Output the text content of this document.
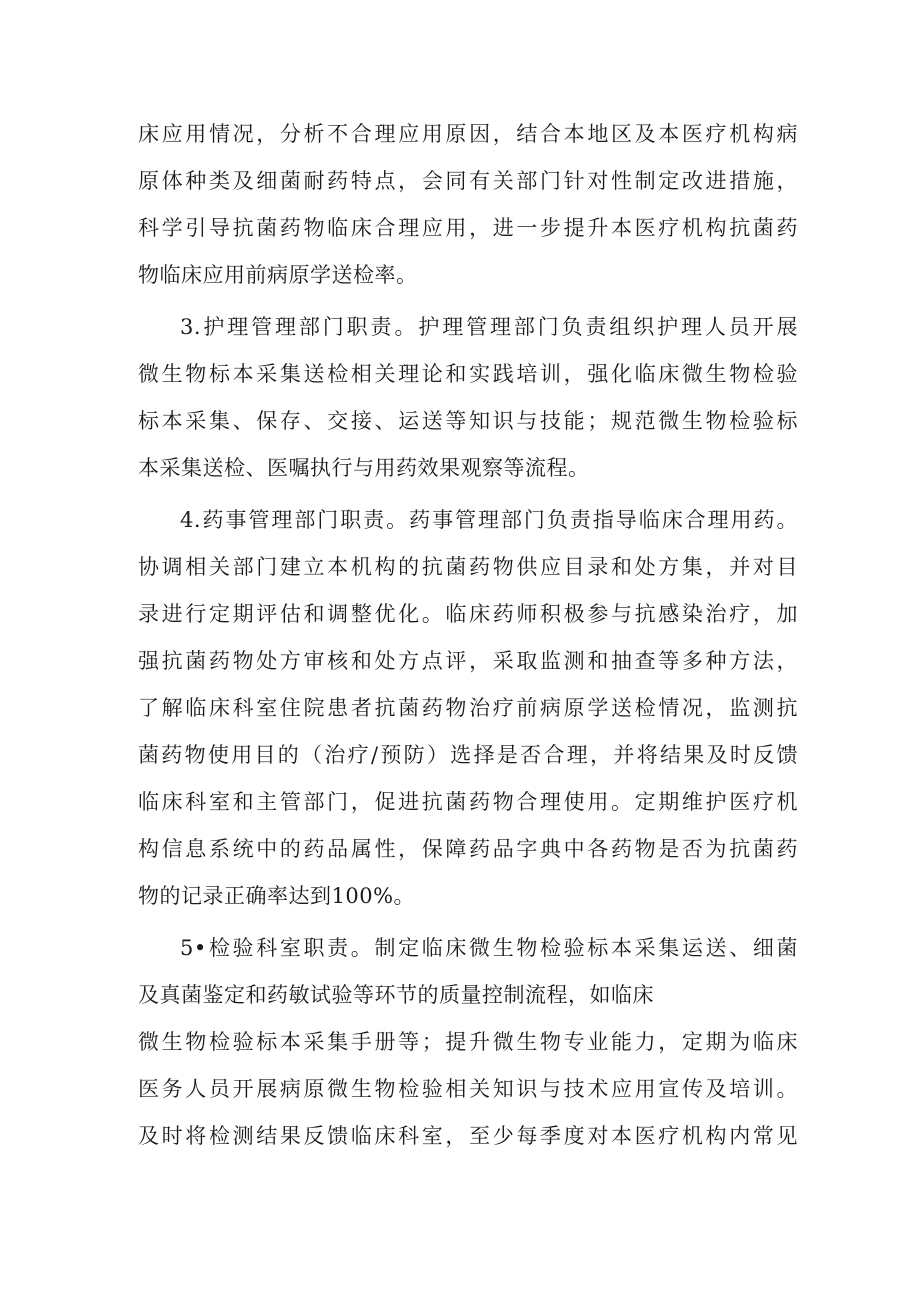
床应用情况，分析不合理应用原因，结合本地区及本医疗机构病
原体种类及细菌耐药特点，会同有关部门针对性制定改进措施，
科学引导抗菌药物临床合理应用，进一步提升本医疗机构抗菌药
物临床应用前病原学送检率。
3.护理管理部门职责。护理管理部门负责组织护理人员开展
微生物标本采集送检相关理论和实践培训，强化临床微生物检验
标本采集、保存、交接、运送等知识与技能；规范微生物检验标
本采集送检、医嘱执行与用药效果观察等流程。
4.药事管理部门职责。药事管理部门负责指导临床合理用药。
协调相关部门建立本机构的抗菌药物供应目录和处方集，并对目
录进行定期评估和调整优化。临床药师积极参与抗感染治疗，加
强抗菌药物处方审核和处方点评，采取监测和抽查等多种方法，
了解临床科室住院患者抗菌药物治疗前病原学送检情况，监测抗
菌药物使用目的（治疗/预防）选择是否合理，并将结果及时反馈
临床科室和主管部门，促进抗菌药物合理使用。定期维护医疗机
构信息系统中的药品属性，保障药品字典中各药物是否为抗菌药
物的记录正确率达到100%。
5•检验科室职责。制定临床微生物检验标本采集运送、细菌
及真菌鉴定和药敏试验等环节的质量控制流程，如临床
微生物检验标本采集手册等；提升微生物专业能力，定期为临床
医务人员开展病原微生物检验相关知识与技术应用宣传及培训。
及时将检测结果反馈临床科室，至少每季度对本医疗机构内常见
